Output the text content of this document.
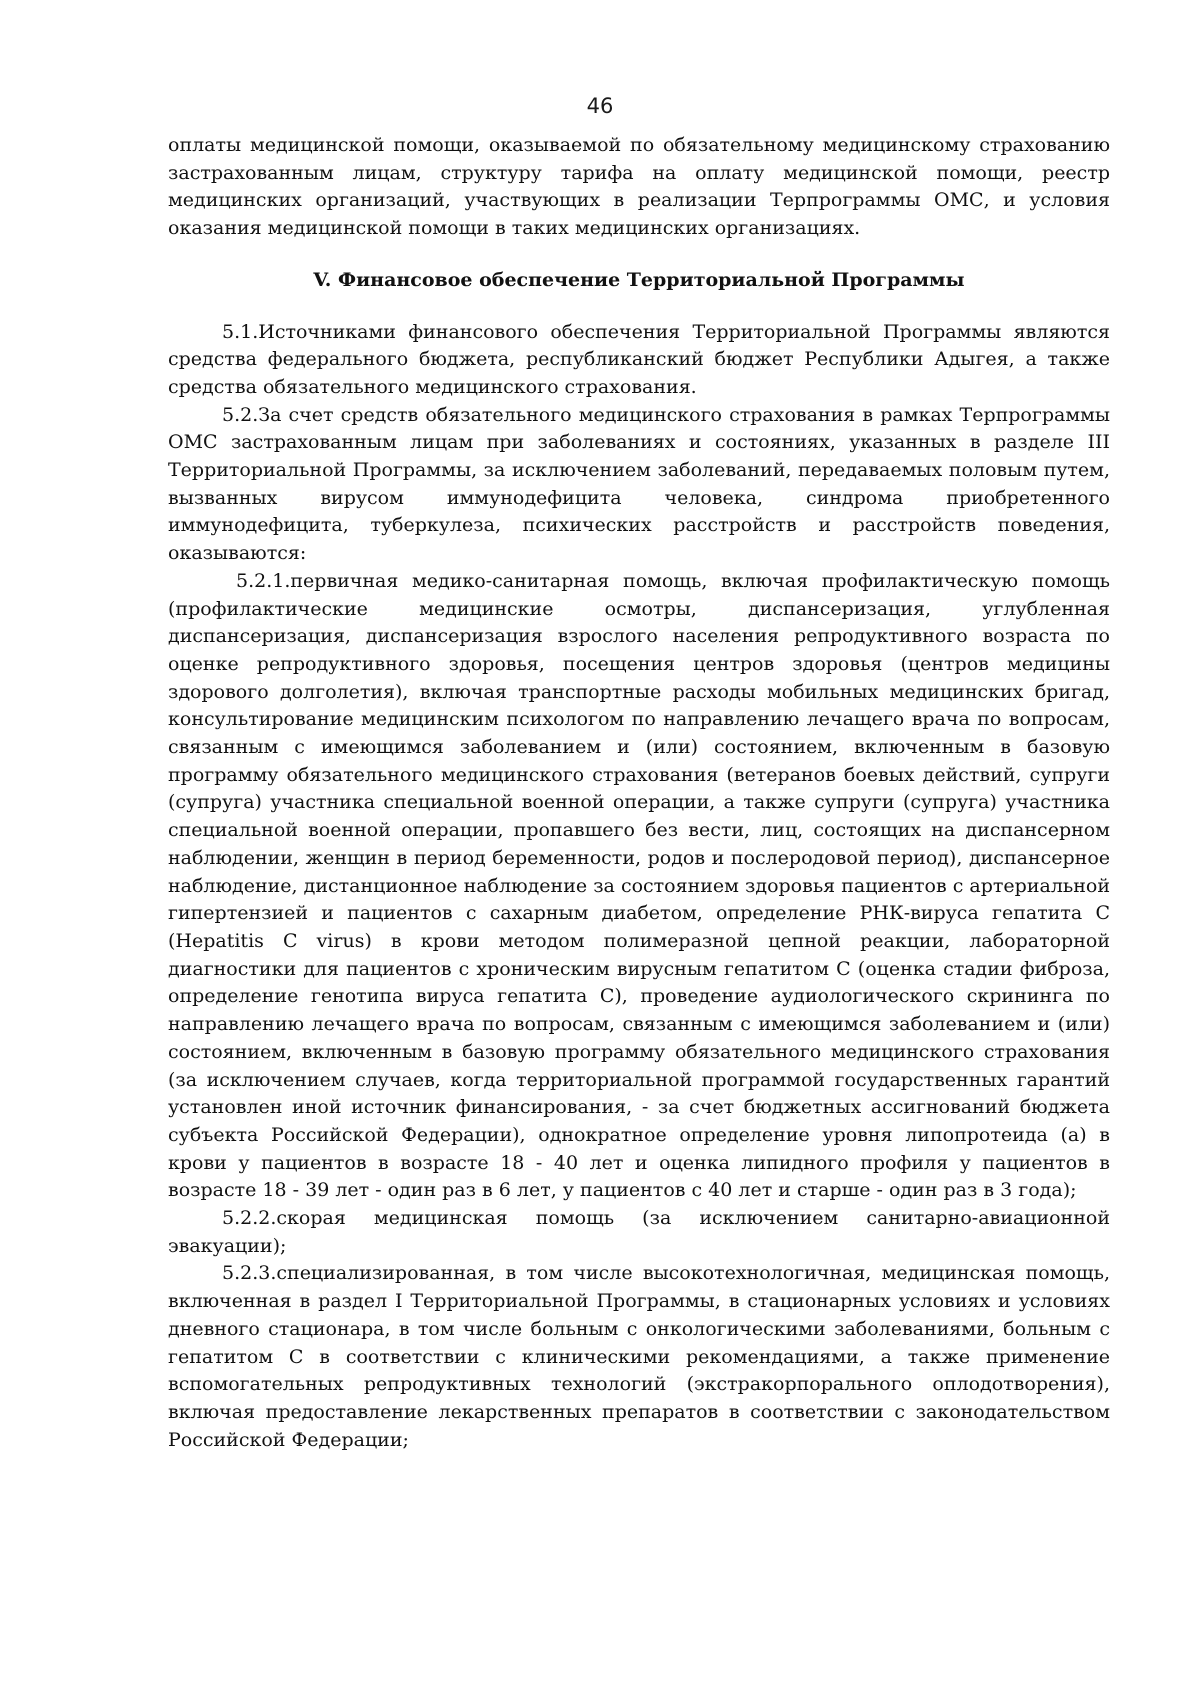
46

оплаты медицинской помощи, оказываемой по обязательному медицинскому страхованию застрахованным лицам, структуру тарифа на оплату медицинской помощи, реестр медицинских организаций, участвующих в реализации Терпрограммы ОМС, и условия оказания медицинской помощи в таких медицинских организациях.

V. Финансовое обеспечение Территориальной Программы

5.1.Источниками финансового обеспечения Территориальной Программы являются средства федерального бюджета, республиканский бюджет Республики Адыгея, а также средства обязательного медицинского страхования.

5.2.За счет средств обязательного медицинского страхования в рамках Терпрограммы ОМС застрахованным лицам при заболеваниях и состояниях, указанных в разделе III Территориальной Программы, за исключением заболеваний, передаваемых половым путем, вызванных вирусом иммунодефицита человека, синдрома приобретенного иммунодефицита, туберкулеза, психических расстройств и расстройств поведения, оказываются:

5.2.1.первичная медико-санитарная помощь, включая профилактическую помощь (профилактические медицинские осмотры, диспансеризация, углубленная диспансеризация, диспансеризация взрослого населения репродуктивного возраста по оценке репродуктивного здоровья, посещения центров здоровья (центров медицины здорового долголетия), включая транспортные расходы мобильных медицинских бригад, консультирование медицинским психологом по направлению лечащего врача по вопросам, связанным с имеющимся заболеванием и (или) состоянием, включенным в базовую программу обязательного медицинского страхования (ветеранов боевых действий, супруги (супруга) участника специальной военной операции, а также супруги (супруга) участника специальной военной операции, пропавшего без вести, лиц, состоящих на диспансерном наблюдении, женщин в период беременности, родов и послеродовой период), диспансерное наблюдение, дистанционное наблюдение за состоянием здоровья пациентов с артериальной гипертензией и пациентов с сахарным диабетом, определение РНК-вируса гепатита С (Hepatitis C virus) в крови методом полимеразной цепной реакции, лабораторной диагностики для пациентов с хроническим вирусным гепатитом С (оценка стадии фиброза, определение генотипа вируса гепатита С), проведение аудиологического скрининга по направлению лечащего врача по вопросам, связанным с имеющимся заболеванием и (или) состоянием, включенным в базовую программу обязательного медицинского страхования (за исключением случаев, когда территориальной программой государственных гарантий установлен иной источник финансирования, - за счет бюджетных ассигнований бюджета субъекта Российской Федерации), однократное определение уровня липопротеида (а) в крови у пациентов в возрасте 18 - 40 лет и оценка липидного профиля у пациентов в возрасте 18 - 39 лет - один раз в 6 лет, у пациентов с 40 лет и старше - один раз в 3 года);

5.2.2.скорая медицинская помощь (за исключением санитарно-авиационной эвакуации);

5.2.3.специализированная, в том числе высокотехнологичная, медицинская помощь, включенная в раздел I Территориальной Программы, в стационарных условиях и условиях дневного стационара, в том числе больным с онкологическими заболеваниями, больным с гепатитом С в соответствии с клиническими рекомендациями, а также применение вспомогательных репродуктивных технологий (экстракорпорального оплодотворения), включая предоставление лекарственных препаратов в соответствии с законодательством Российской Федерации;
